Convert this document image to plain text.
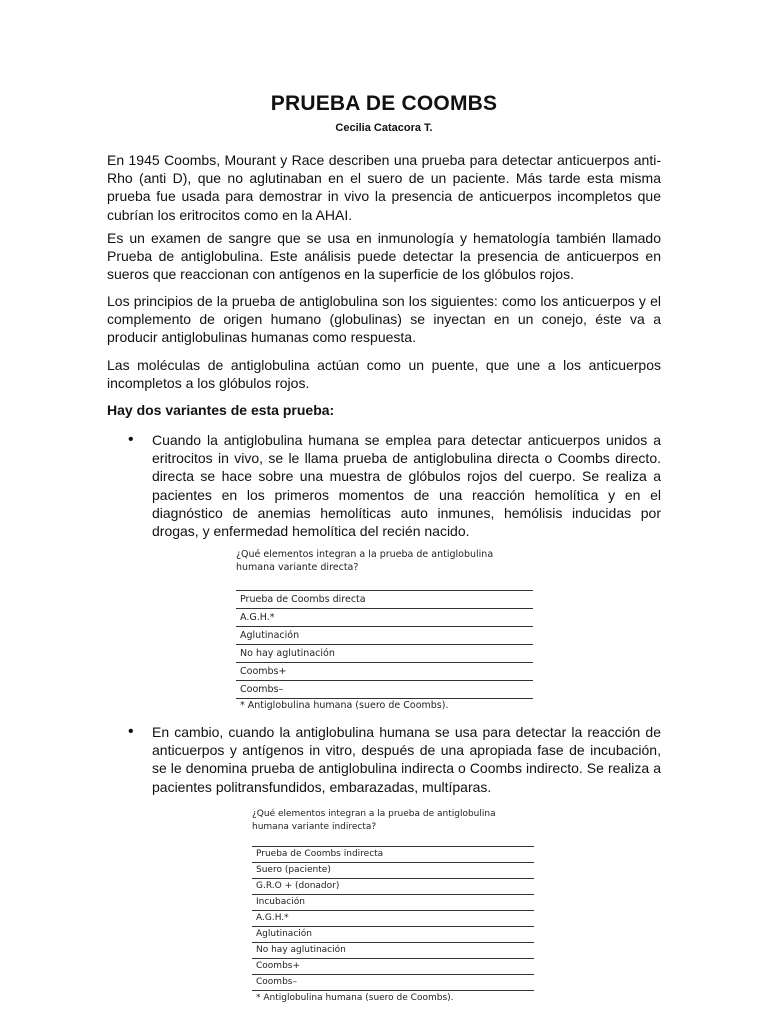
PRUEBA DE COOMBS
Cecilia Catacora T.

En 1945 Coombs, Mourant y Race describen una prueba para detectar anticuerpos anti-Rho (anti D), que no aglutinaban en el suero de un paciente. Más tarde esta misma prueba fue usada para demostrar in vivo la presencia de anticuerpos incompletos que cubrían los eritrocitos como en la AHAI.

Es un examen de sangre que se usa en inmunología y hematología también llamado Prueba de antiglobulina. Este análisis puede detectar la presencia de anticuerpos en sueros que reaccionan con antígenos en la superficie de los glóbulos rojos.

Los principios de la prueba de antiglobulina son los siguientes: como los anticuerpos y el complemento de origen humano (globulinas) se inyectan en un conejo, éste va a producir antiglobulinas humanas como respuesta.

Las moléculas de antiglobulina actúan como un puente, que une a los anticuerpos incompletos a los glóbulos rojos.

Hay dos variantes de esta prueba:
• Cuando la antiglobulina humana se emplea para detectar anticuerpos unidos a eritrocitos in vivo, se le llama prueba de antiglobulina directa o Coombs directo. directa se hace sobre una muestra de glóbulos rojos del cuerpo. Se realiza a pacientes en los primeros momentos de una reacción hemolítica y en el diagnóstico de anemias hemolíticas auto inmunes, hemólisis inducidas por drogas, y enfermedad hemolítica del recién nacido.

¿Qué elementos integran a la prueba de antiglobulina humana variante directa?
Prueba de Coombs directa
A.G.H.*
Aglutinación
No hay aglutinación
Coombs+
Coombs–
* Antiglobulina humana (suero de Coombs).
• En cambio, cuando la antiglobulina humana se usa para detectar la reacción de anticuerpos y antígenos in vitro, después de una apropiada fase de incubación, se le denomina prueba de antiglobulina indirecta o Coombs indirecto. Se realiza a pacientes politransfundidos, embarazadas, multíparas.

¿Qué elementos integran a la prueba de antiglobulina humana variante indirecta?
Prueba de Coombs indirecta
Suero (paciente)
G.R.O + (donador)
Incubación
A.G.H.*
Aglutinación
No hay aglutinación
Coombs+
Coombs–
* Antiglobulina humana (suero de Coombs).
